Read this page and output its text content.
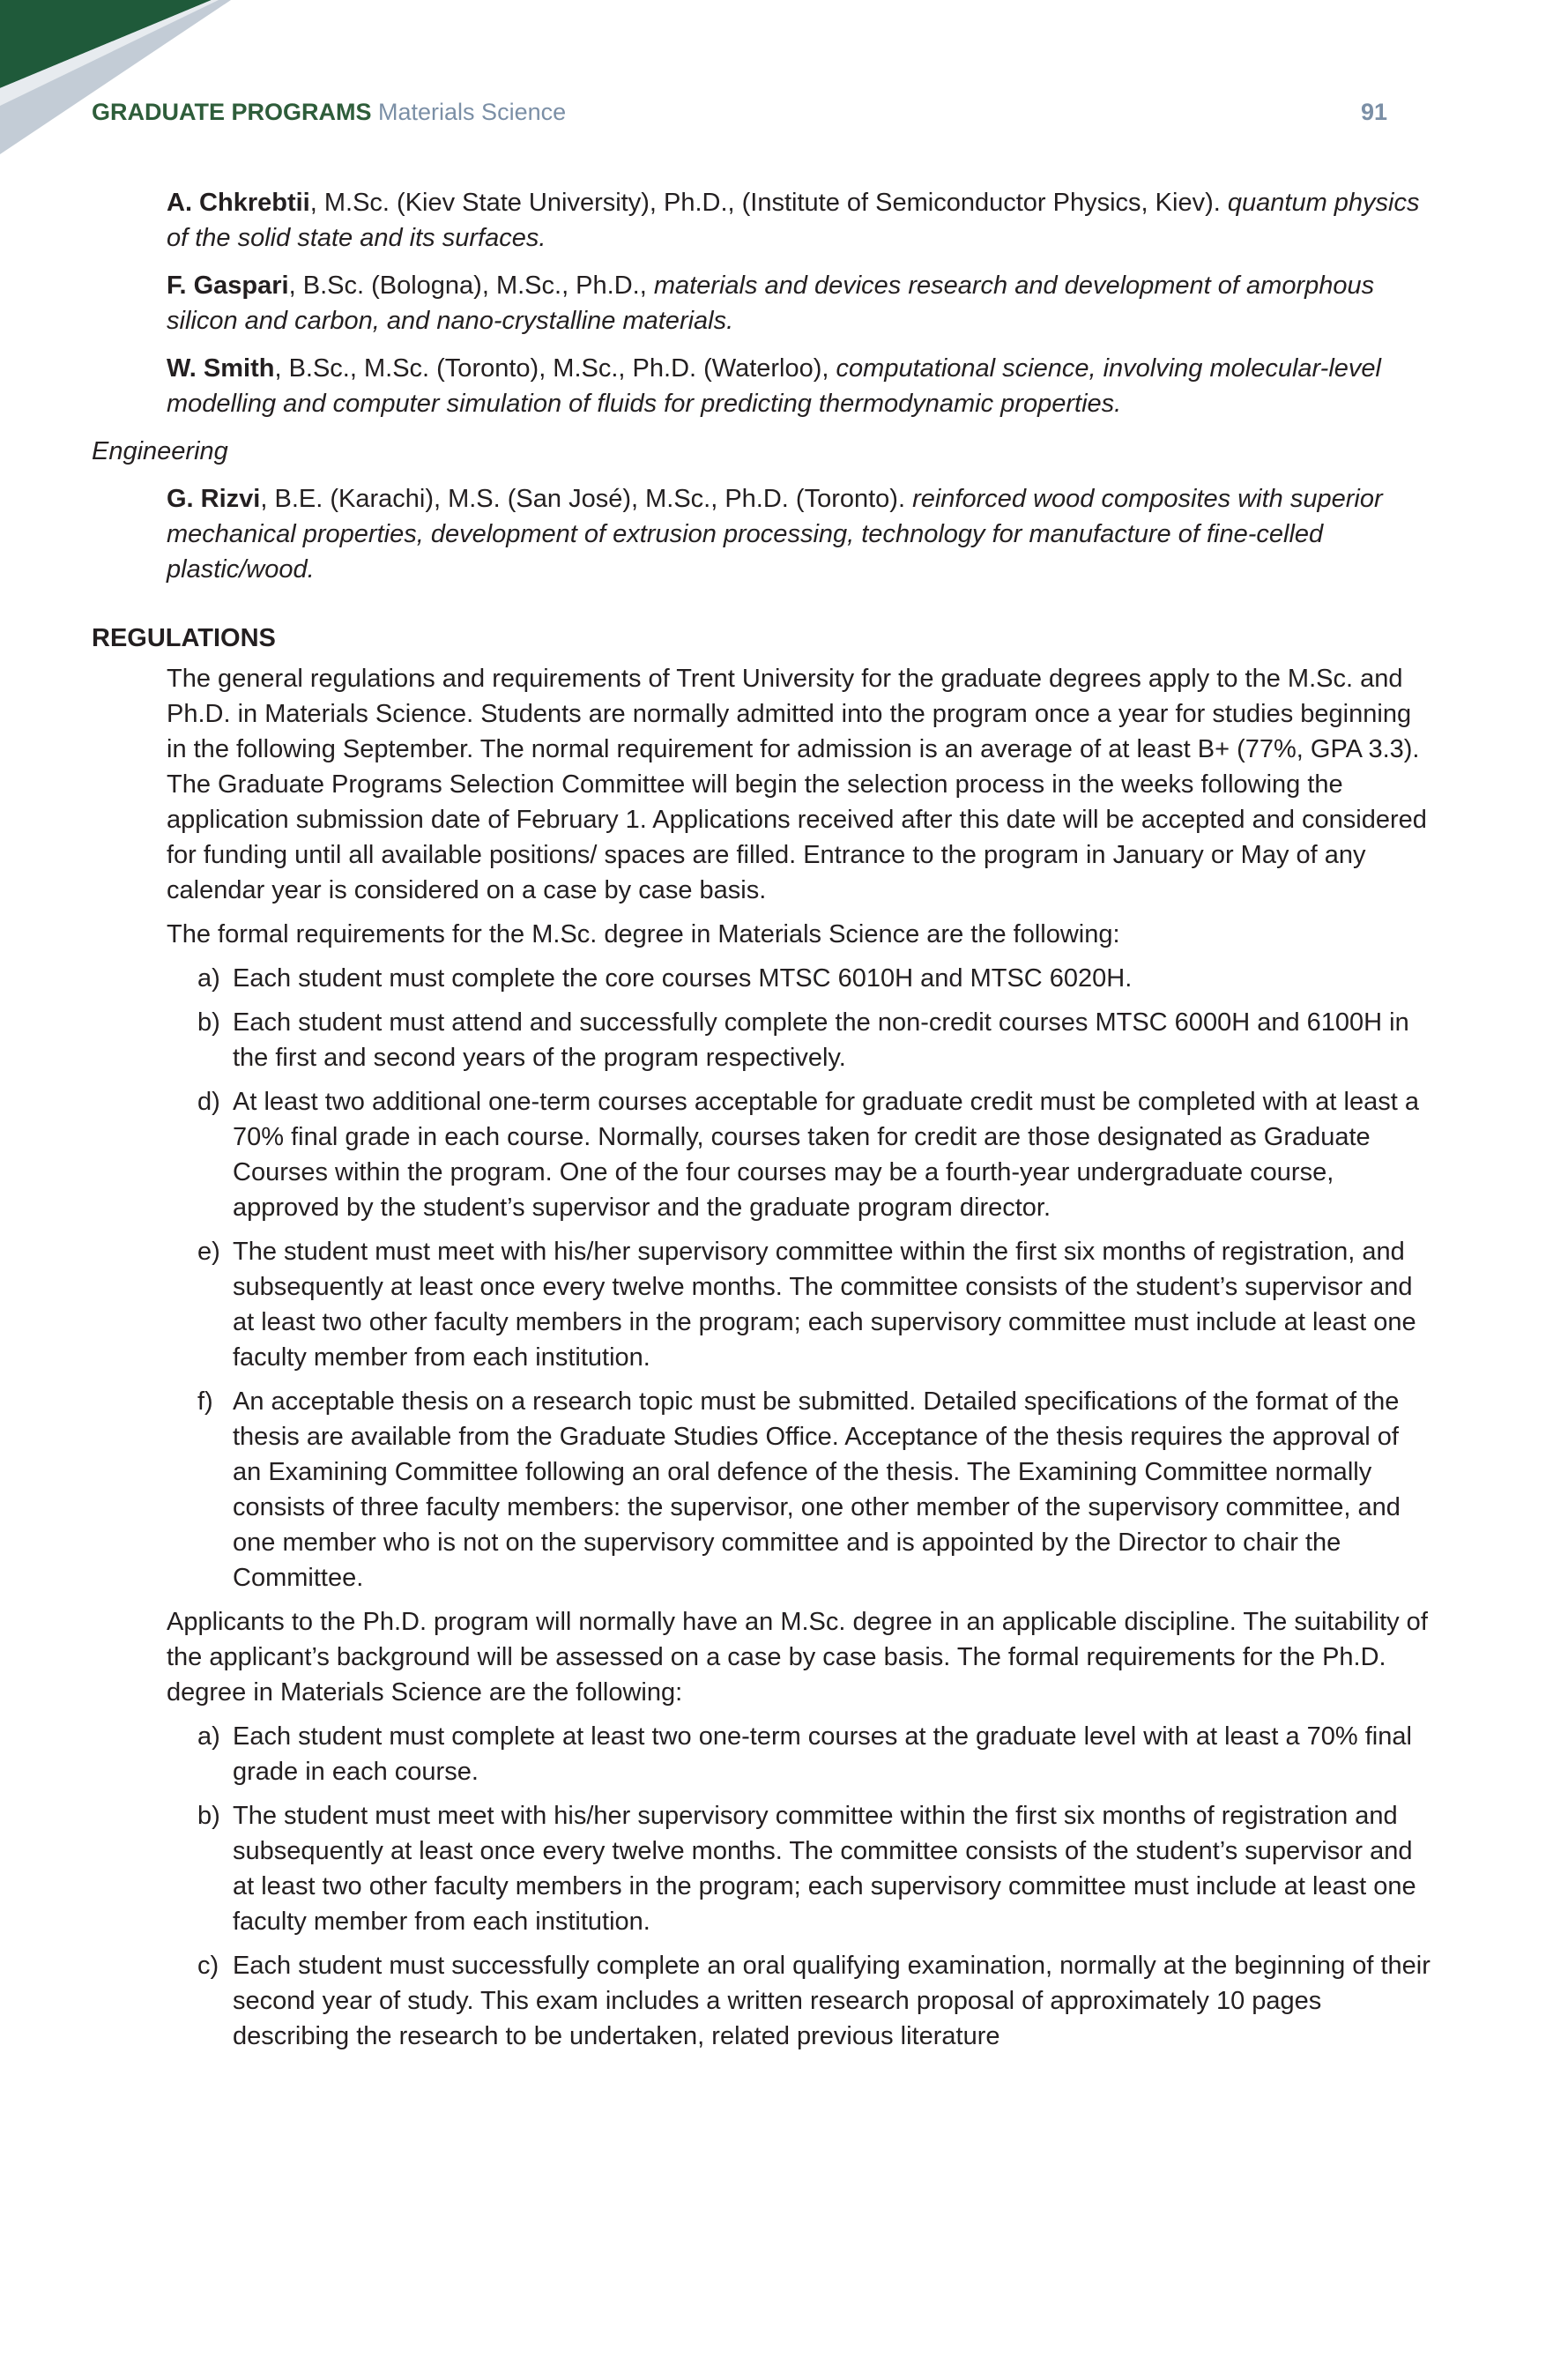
GRADUATE PROGRAMS Materials Science	91
A. Chkrebtii, M.Sc. (Kiev State University), Ph.D., (Institute of Semiconductor Physics, Kiev). quantum physics of the solid state and its surfaces.
F. Gaspari, B.Sc. (Bologna), M.Sc., Ph.D., materials and devices research and development of amorphous silicon and carbon, and nano-crystalline materials.
W. Smith, B.Sc., M.Sc. (Toronto), M.Sc., Ph.D. (Waterloo), computational science, involving molecular-level modelling and computer simulation of fluids for predicting thermodynamic properties.
Engineering
G. Rizvi, B.E. (Karachi), M.S. (San José), M.Sc., Ph.D. (Toronto). reinforced wood composites with superior mechanical properties, development of extrusion processing, technology for manufacture of fine-celled plastic/wood.
REGULATIONS
The general regulations and requirements of Trent University for the graduate degrees apply to the M.Sc. and Ph.D. in Materials Science. Students are normally admitted into the program once a year for studies beginning in the following September. The normal requirement for admission is an average of at least B+ (77%, GPA 3.3). The Graduate Programs Selection Committee will begin the selection process in the weeks following the application submission date of February 1. Applications received after this date will be accepted and considered for funding until all available positions/ spaces are filled. Entrance to the program in January or May of any calendar year is considered on a case by case basis.
The formal requirements for the M.Sc. degree in Materials Science are the following:
a) Each student must complete the core courses MTSC 6010H and MTSC 6020H.
b) Each student must attend and successfully complete the non-credit courses MTSC 6000H and 6100H in the first and second years of the program respectively.
d) At least two additional one-term courses acceptable for graduate credit must be completed with at least a 70% final grade in each course. Normally, courses taken for credit are those designated as Graduate Courses within the program. One of the four courses may be a fourth-year undergraduate course, approved by the student’s supervisor and the graduate program director.
e) The student must meet with his/her supervisory committee within the first six months of registration, and subsequently at least once every twelve months. The committee consists of the student’s supervisor and at least two other faculty members in the program; each supervisory committee must include at least one faculty member from each institution.
f) An acceptable thesis on a research topic must be submitted. Detailed specifications of the format of the thesis are available from the Graduate Studies Office. Acceptance of the thesis requires the approval of an Examining Committee following an oral defence of the thesis. The Examining Committee normally consists of three faculty members: the supervisor, one other member of the supervisory committee, and one member who is not on the supervisory committee and is appointed by the Director to chair the Committee.
Applicants to the Ph.D. program will normally have an M.Sc. degree in an applicable discipline. The suitability of the applicant’s background will be assessed on a case by case basis. The formal requirements for the Ph.D. degree in Materials Science are the following:
a) Each student must complete at least two one-term courses at the graduate level with at least a 70% final grade in each course.
b) The student must meet with his/her supervisory committee within the first six months of registration and subsequently at least once every twelve months. The committee consists of the student’s supervisor and at least two other faculty members in the program; each supervisory committee must include at least one faculty member from each institution.
c) Each student must successfully complete an oral qualifying examination, normally at the beginning of their second year of study. This exam includes a written research proposal of approximately 10 pages describing the research to be undertaken, related previous literature
